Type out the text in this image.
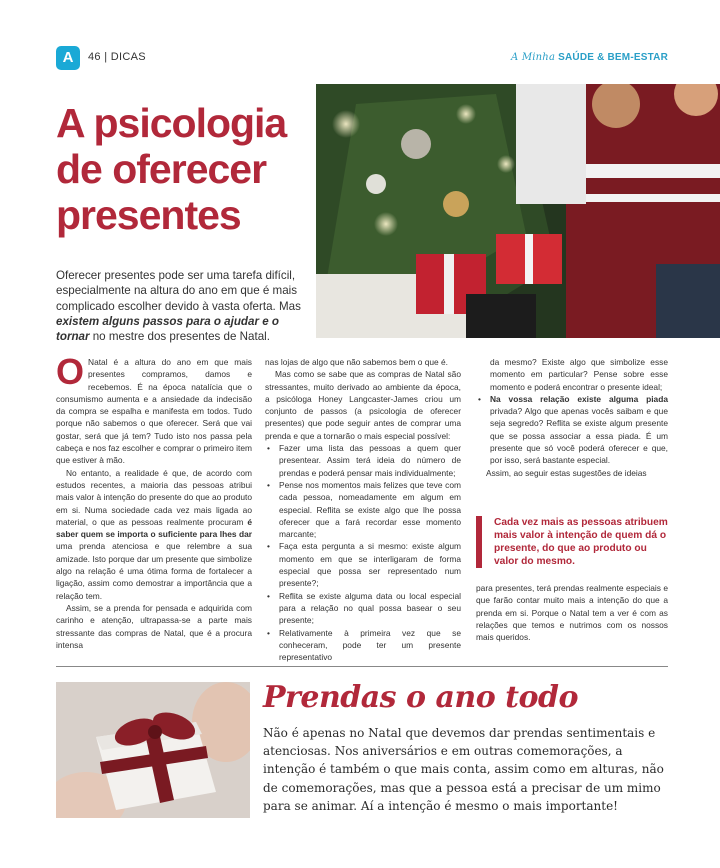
A	46 | DICAS	A Minha SAÚDE & BEM-ESTAR
A psicologia
de oferecer
presentes

Oferecer presentes pode ser uma tarefa difícil, especialmente na altura do ano em que é mais complicado escolher devido à vasta oferta. Mas existem alguns passos para o ajudar e o tornar no mestre dos presentes de Natal.

O Natal é a altura do ano em que mais presentes compramos, damos e recebemos. É na época natalícia que o consumismo aumenta e a ansiedade da indecisão da compra se espalha e manifesta em todos. Tudo porque não sabemos o que oferecer. Será que vai gostar, será que já tem? Tudo isto nos passa pela cabeça e nos faz escolher e comprar o primeiro item que estiver à mão.

No entanto, a realidade é que, de acordo com estudos recentes, a maioria das pessoas atribui mais valor à intenção do presente do que ao produto em si. Numa sociedade cada vez mais ligada ao material, o que as pessoas realmente procuram é saber quem se importa o suficiente para lhes dar uma prenda atenciosa e que relembre a sua amizade. Isto porque dar um presente que simbolize algo na relação é uma ótima forma de fortalecer a ligação, assim como demostrar a importância que a relação tem.

Assim, se a prenda for pensada e adquirida com carinho e atenção, ultrapassa-se a parte mais stressante das compras de Natal, que é a procura intensa

nas lojas de algo que não sabemos bem o que é.

Mas como se sabe que as compras de Natal são stressantes, muito derivado ao ambiente da época, a psicóloga Honey Langcaster-James criou um conjunto de passos (a psicologia de oferecer presentes) que pode seguir antes de comprar uma prenda e que a tornarão o mais especial possível:

• Fazer uma lista das pessoas a quem quer presentear. Assim terá ideia do número de prendas e poderá pensar mais individualmente;
• Pense nos momentos mais felizes que teve com cada pessoa, nomeadamente em algum em especial. Reflita se existe algo que lhe possa oferecer que a fará recordar esse momento marcante;
• Faça esta pergunta a si mesmo: existe algum momento em que se interligaram de forma especial que possa ser representado num presente?;
• Reflita se existe alguma data ou local especial para a relação no qual possa basear o seu presente;
• Relativamente à primeira vez que se conheceram, pode ter um presente representativo

da mesmo? Existe algo que simbolize esse momento em particular? Pense sobre esse momento e poderá encontrar o presente ideal;

• Na vossa relação existe alguma piada privada? Algo que apenas vocês saibam e que seja segredo? Reflita se existe algum presente que se possa associar a essa piada. É um presente que só você poderá oferecer e que, por isso, será bastante especial.

Assim, ao seguir estas sugestões de ideias

Cada vez mais as pessoas atribuem mais valor à intenção de quem dá o presente, do que ao produto ou valor do mesmo.

para presentes, terá prendas realmente especiais e que farão contar muito mais a intenção do que a prenda em si. Porque o Natal tem a ver é com as relações que temos e nutrimos com os nossos mais queridos.

Prendas o ano todo

Não é apenas no Natal que devemos dar prendas sentimentais e atenciosas. Nos aniversários e em outras comemorações, a intenção é também o que mais conta, assim como em alturas, não de comemorações, mas que a pessoa está a precisar de um mimo para se animar. Aí a intenção é mesmo o mais importante!
